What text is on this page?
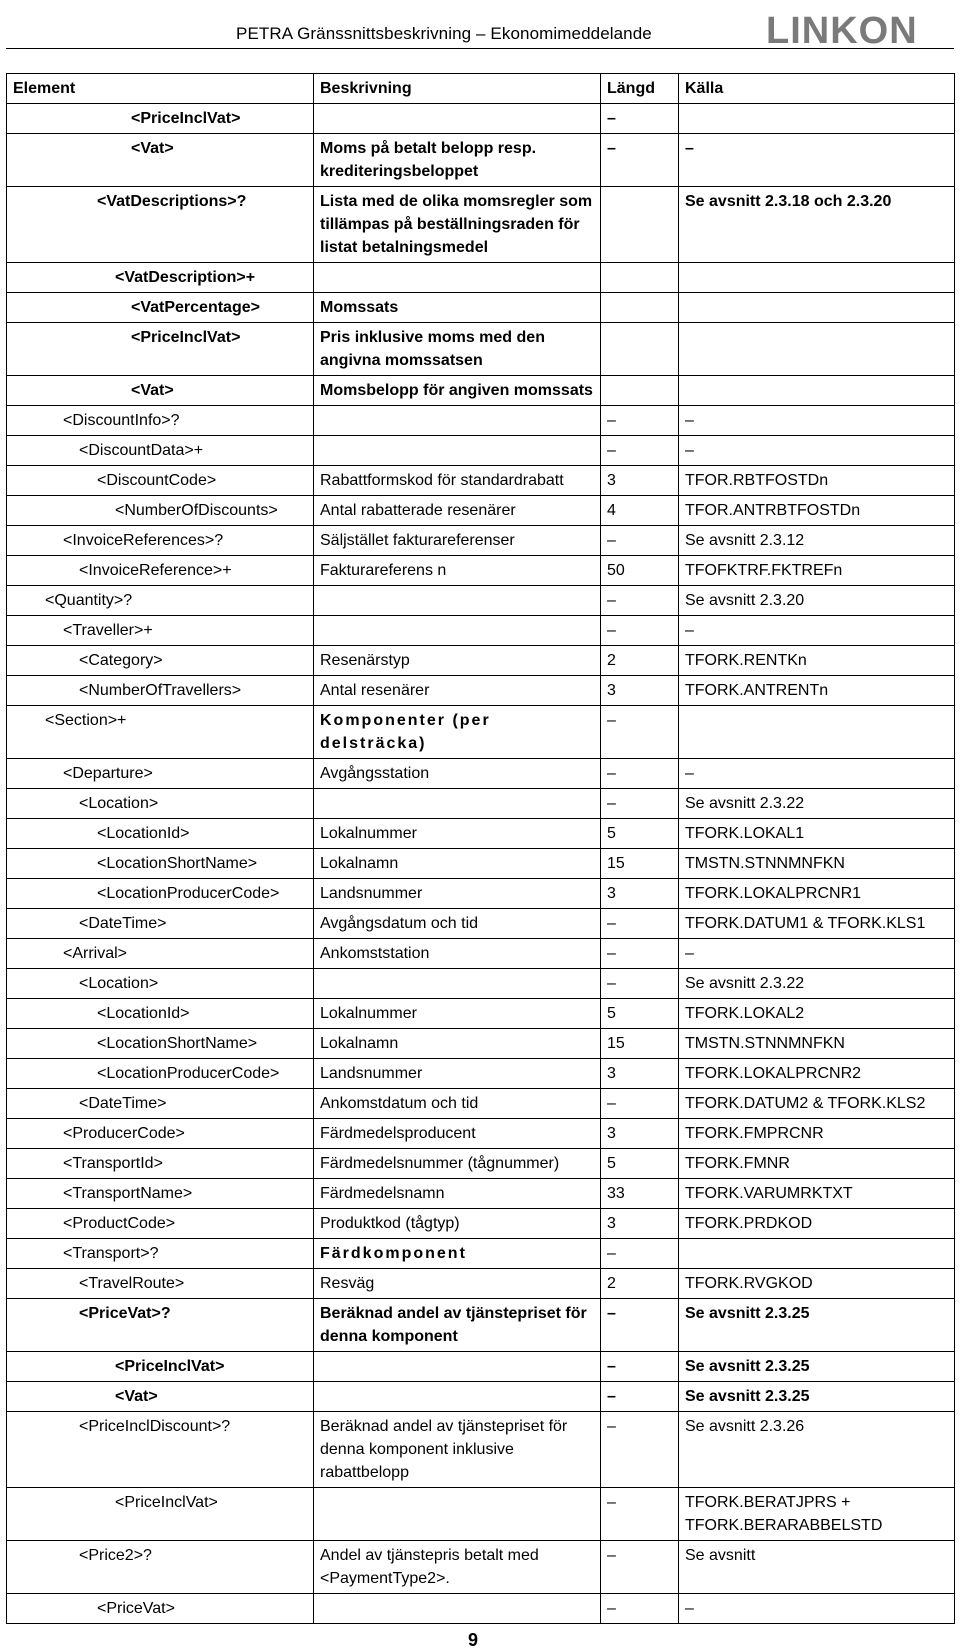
PETRA Gränssnittsbeskrivning – Ekonomimeddelande	LINKON
Element	Beskrivning	Längd	Källa
<PriceInclVat>		–	
<Vat>	Moms på betalt belopp resp. krediteringsbeloppet	–	–
<VatDescriptions>?	Lista med de olika momsregler som tillämpas på beställningsraden för listat betalningsmedel		Se avsnitt 2.3.18 och 2.3.20
<VatDescription>+			
<VatPercentage>	Momssats		
<PriceInclVat>	Pris inklusive moms med den angivna momssatsen		
<Vat>	Momsbelopp för angiven momssats		
<DiscountInfo>?		–	–
<DiscountData>+		–	–
<DiscountCode>	Rabattformskod för standardrabatt	3	TFOR.RBTFOSTDn
<NumberOfDiscounts>	Antal rabatterade resenärer	4	TFOR.ANTRBTFOSTDn
<InvoiceReferences>?	Säljstället fakturareferenser	–	Se avsnitt 2.3.12
<InvoiceReference>+	Fakturareferens n	50	TFOFKTRF.FKTREFn
<Quantity>?		–	Se avsnitt 2.3.20
<Traveller>+		–	–
<Category>	Resenärstyp	2	TFORK.RENTKn
<NumberOfTravellers>	Antal resenärer	3	TFORK.ANTRENTn
<Section>+	Komponenter (per delsträcka)	–	
<Departure>	Avgångsstation	–	–
<Location>		–	Se avsnitt 2.3.22
<LocationId>	Lokalnummer	5	TFORK.LOKAL1
<LocationShortName>	Lokalnamn	15	TMSTN.STNNMNFKN
<LocationProducerCode>	Landsnummer	3	TFORK.LOKALPRCNR1
<DateTime>	Avgångsdatum och tid	–	TFORK.DATUM1 & TFORK.KLS1
<Arrival>	Ankomststation	–	–
<Location>		–	Se avsnitt 2.3.22
<LocationId>	Lokalnummer	5	TFORK.LOKAL2
<LocationShortName>	Lokalnamn	15	TMSTN.STNNMNFKN
<LocationProducerCode>	Landsnummer	3	TFORK.LOKALPRCNR2
<DateTime>	Ankomstdatum och tid	–	TFORK.DATUM2 & TFORK.KLS2
<ProducerCode>	Färdmedelsproducent	3	TFORK.FMPRCNR
<TransportId>	Färdmedelsnummer (tågnummer)	5	TFORK.FMNR
<TransportName>	Färdmedelsnamn	33	TFORK.VARUMRKTXT
<ProductCode>	Produktkod (tågtyp)	3	TFORK.PRDKOD
<Transport>?	Färdkomponent	–	
<TravelRoute>	Resväg	2	TFORK.RVGKOD
<PriceVat>?	Beräknad andel av tjänstepriset för denna komponent	–	Se avsnitt 2.3.25
<PriceInclVat>		–	Se avsnitt 2.3.25
<Vat>		–	Se avsnitt 2.3.25
<PriceInclDiscount>?	Beräknad andel av tjänstepriset för denna komponent inklusive rabattbelopp	–	Se avsnitt 2.3.26
<PriceInclVat>		–	TFORK.BERATJPRS + TFORK.BERARABBELSTD
<Price2>?	Andel av tjänstepris betalt med <PaymentType2>.	–	Se avsnitt
<PriceVat>		–	–
9
